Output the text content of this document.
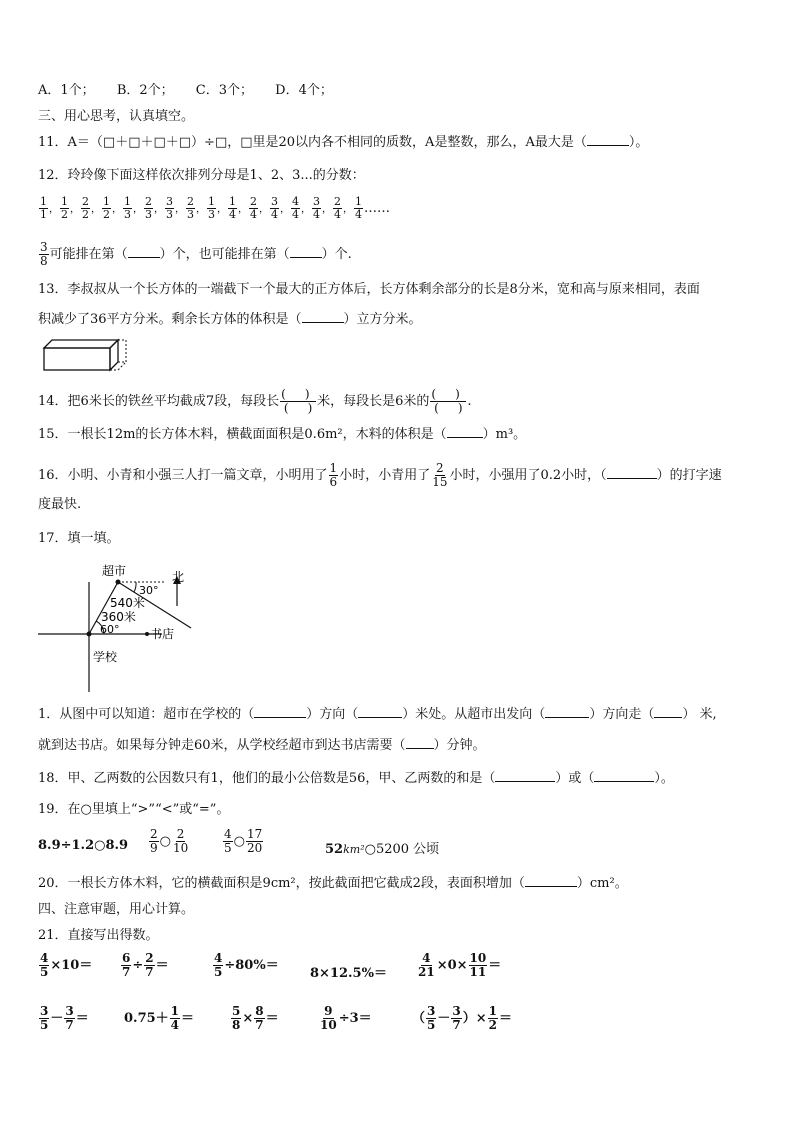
A．1个； B．2个； C．3个； D．4个；
三、用心思考，认真填空。
11．A＝（□＋□＋□＋□）÷□，□里是20以内各不相同的质数，A是整数，那么，A最大是（	）。
12．玲玲像下面这样依次排列分母是1、2、3...的分数：
$\frac{1}{1}$ ， $\frac{1}{2}$ ， $\frac{2}{2}$ ， $\frac{1}{2}$ ， $\frac{1}{3}$ ， $\frac{2}{3}$ ， $\frac{3}{3}$ ， $\frac{2}{3}$ ， $\frac{1}{3}$ ， $\frac{1}{4}$ ， $\frac{2}{4}$ ， $\frac{3}{4}$ ， $\frac{4}{4}$ ， $\frac{3}{4}$ ， $\frac{2}{4}$ ， $\frac{1}{4}$ ……
$\frac{3}{8}$ 可能排在第（ ）个，也可能排在第（ ）个.
13．李叔叔从一个长方体的一端截下一个最大的正方体后，长方体剩余部分的长是8分米，宽和高与原来相同，表面
积减少了36平方分米。剩余长方体的体积是（	）立方分米。
14．把6米长的铁丝平均截成7段，每段长 $\frac{( )}{( )}$ 米，每段长是6米的 $\frac{( )}{( )}$ .
15．一根长12m的长方体木料，横截面面积是0.6m²，木料的体积是（	）m³。
16．小明、小青和小强三人打一篇文章，小明用了 $\frac{1}{6}$ 小时，小青用了 $\frac{2}{15}$ 小时，小强用了0.2小时，（	）的打字速
度最快.
17．填一填。
超市	北
30°
540米
360米
60°	书店
学校
1．从图中可以知道：超市在学校的（	）方向（	）米处。从超市出发向（	）方向走（ ） 米,
就到达书店。如果每分钟走60米，从学校经超市到达书店需要（ ）分钟。
18．甲、乙两数的公因数只有1，他们的最小公倍数是56，甲、乙两数的和是（	）或（	）。
19．在○里填上“>”“<”或“=”。
8.9÷1.2○8.9 $\frac{2}{9}$ ○ $\frac{2}{10}$	$\frac{4}{5}$ ○ $\frac{17}{20}$	52km²○5200 公顷
20．一根长方体木料，它的横截面积是9cm²，按此截面把它截成2段，表面积增加（	）cm²。
四、注意审题，用心计算。
21．直接写出得数。
$\frac{4}{5} \times 10= \frac{6}{7} \div \frac{2}{7}$ ＝	$\frac{4}{5} \div 80\%=$
8×12.5%＝	$\frac{4}{21} \times 0\times \frac{10}{11}$ ＝
$\frac{3}{5} - \frac{3}{7}$ ＝	$0.75+ \frac{1}{4}$ ＝	$\frac{5}{8} \times \frac{8}{7}$ ＝	$\frac{9}{10} \div 3=$	（ $\frac{3}{5} - \frac{3}{7}$ ）× $\frac{1}{2}$ ＝
